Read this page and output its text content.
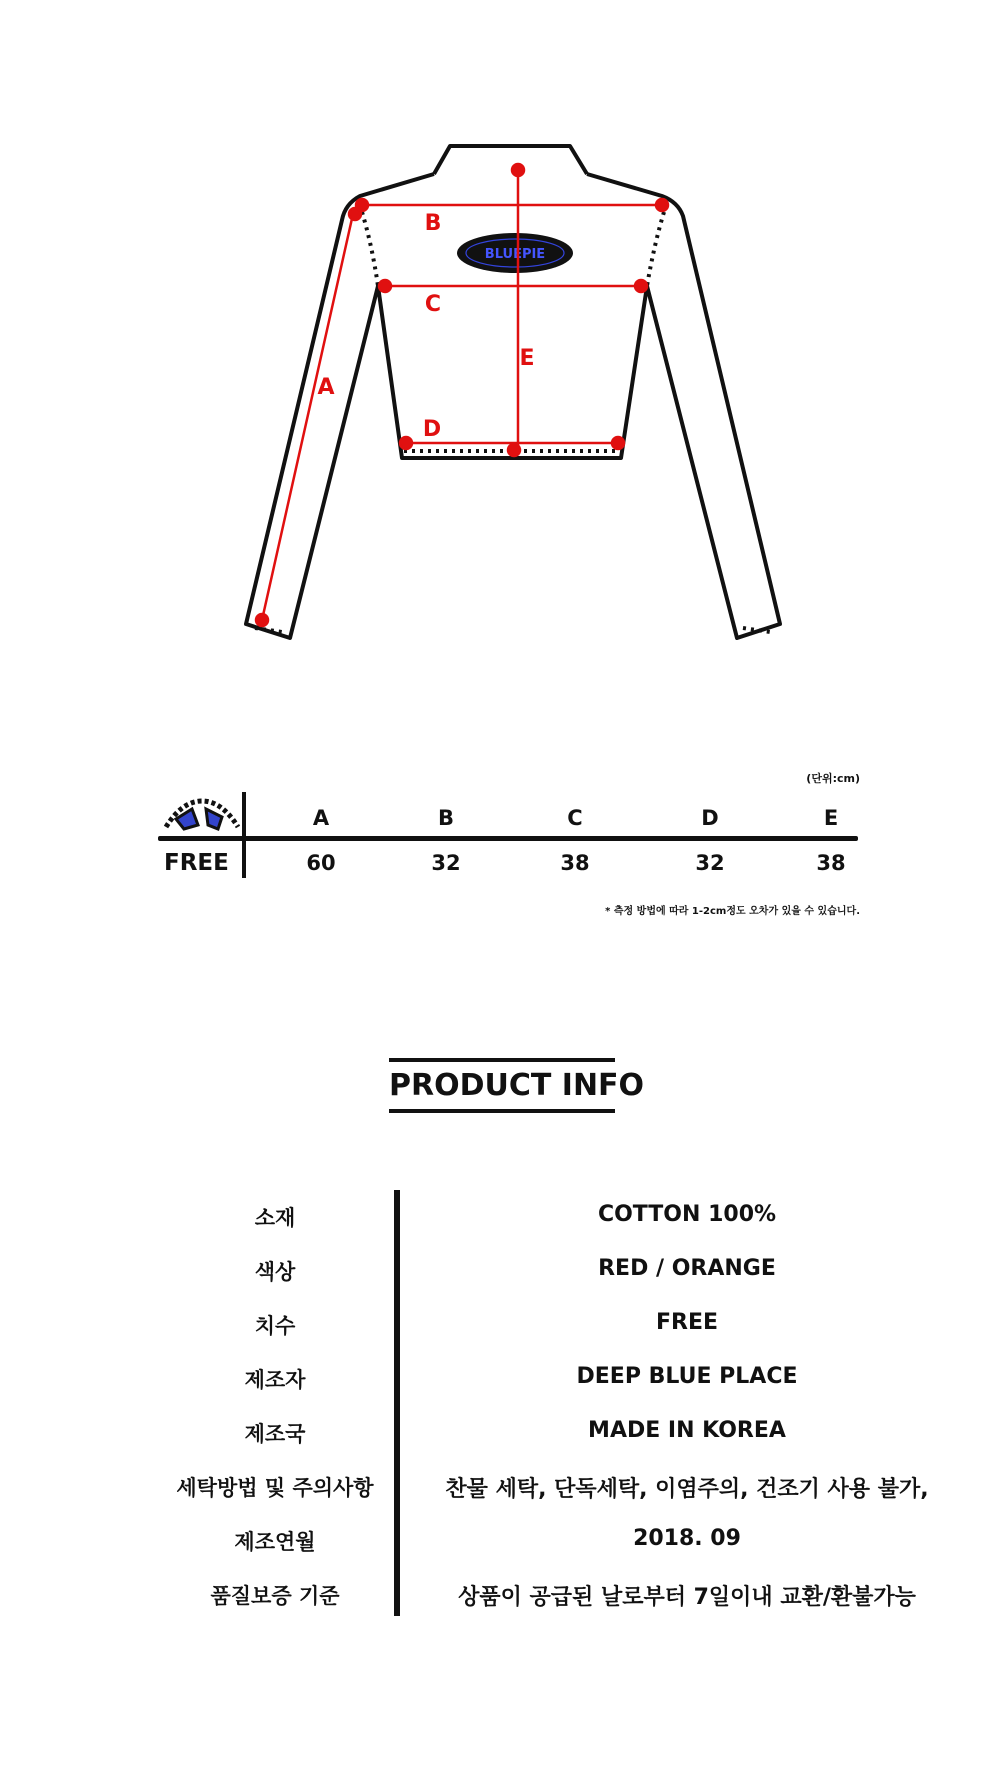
BLUEPIE
A
B
C
D
E
(단위:cm)
A	B	C	D	E
FREE	60	32	38	32	38
* 측정 방법에 따라 1-2cm정도 오차가 있을 수 있습니다.
PRODUCT INFO
소재	COTTON 100%
색상	RED / ORANGE
치수	FREE
제조자	DEEP BLUE PLACE
제조국	MADE IN KOREA
세탁방법 및 주의사항	찬물 세탁, 단독세탁, 이염주의, 건조기 사용 불가,
제조연월	2018. 09
품질보증 기준	상품이 공급된 날로부터 7일이내 교환/환불가능
